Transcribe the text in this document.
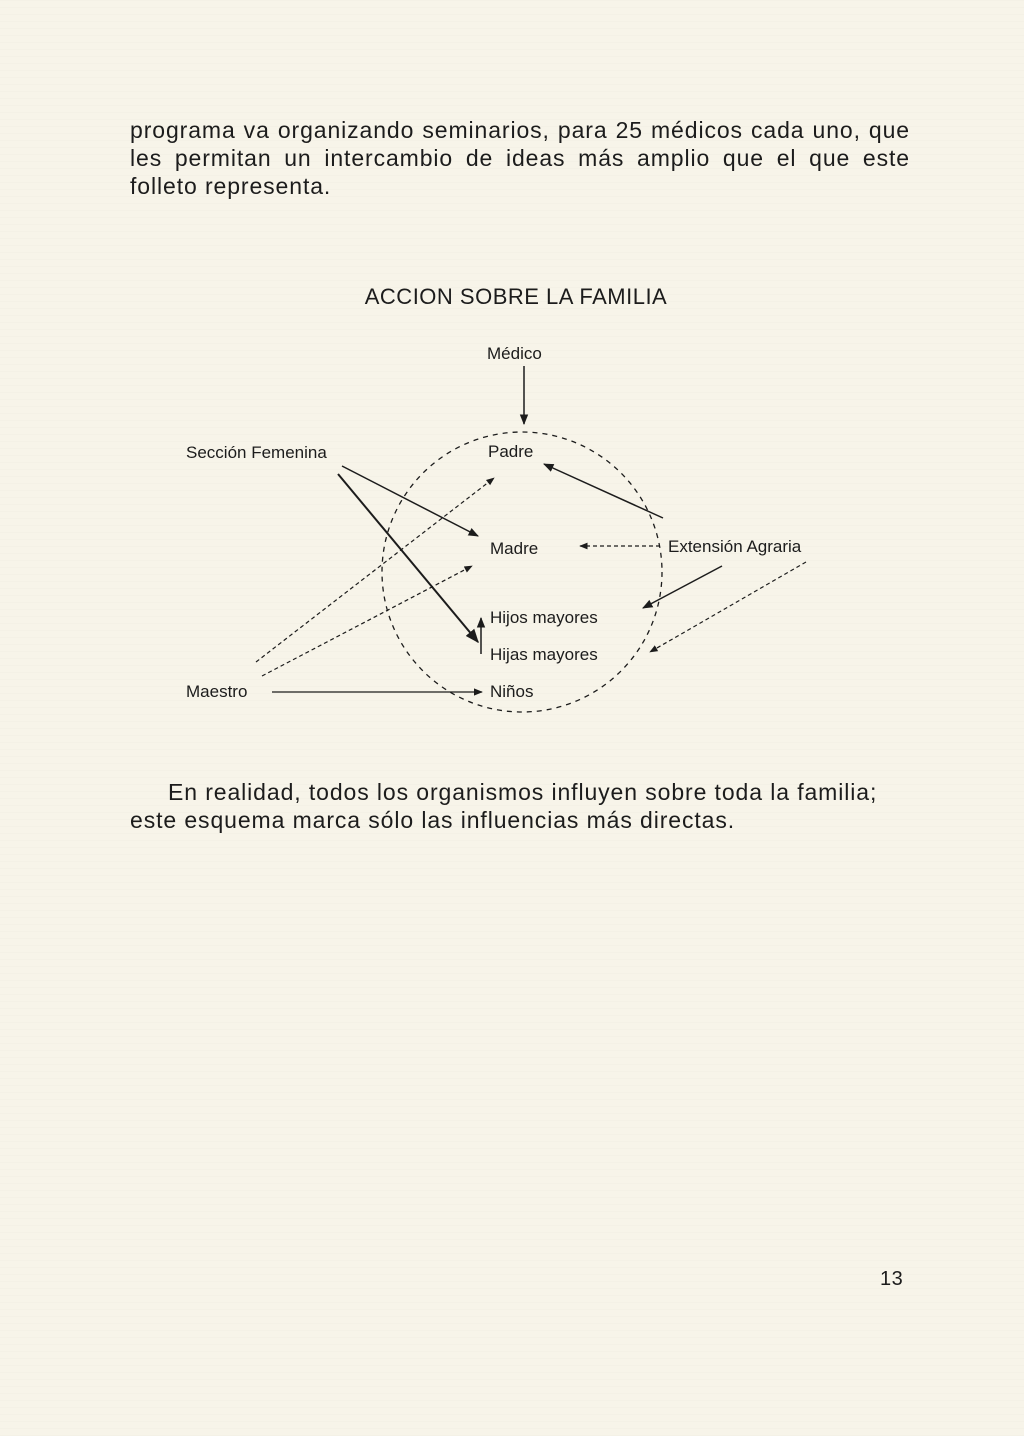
programa va organizando seminarios, para 25 médicos cada uno, que les permitan un intercambio de ideas más amplio que el que este folleto representa.

ACCION SOBRE LA FAMILIA
Médico
Sección Femenina	Padre
Madre	Extensión Agraria
Hijos mayores
Hijas mayores
Maestro	Niños

En realidad, todos los organismos influyen sobre toda la familia;
este esquema marca sólo las influencias más directas.

13
